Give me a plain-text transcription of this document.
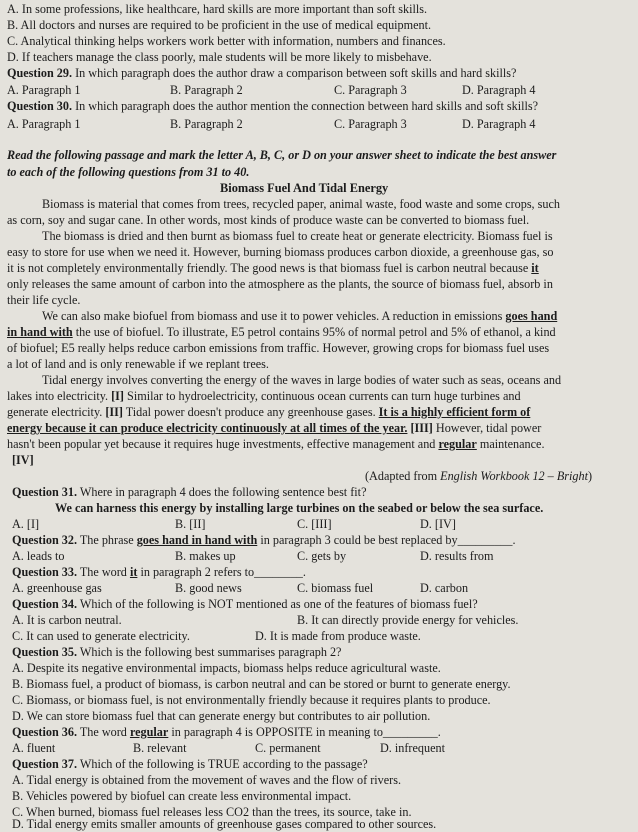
A. In some professions, like healthcare, hard skills are more important than soft skills.
B. All doctors and nurses are required to be proficient in the use of medical equipment.
C. Analytical thinking helps workers work better with information, numbers and finances.
D. If teachers manage the class poorly, male students will be more likely to misbehave.
Question 29. In which paragraph does the author draw a comparison between soft skills and hard skills?
A. Paragraph 1	B. Paragraph 2	C. Paragraph 3	D. Paragraph 4
Question 30. In which paragraph does the author mention the connection between hard skills and soft skills?
A. Paragraph 1	B. Paragraph 2	C. Paragraph 3	D. Paragraph 4
Read the following passage and mark the letter A, B, C, or D on your answer sheet to indicate the best answer
to each of the following questions from 31 to 40.
Biomass Fuel And Tidal Energy
Biomass is material that comes from trees, recycled paper, animal waste, food waste and some crops, such
as corn, soy and sugar cane. In other words, most kinds of produce waste can be converted to biomass fuel.
The biomass is dried and then burnt as biomass fuel to create heat or generate electricity. Biomass fuel is
easy to store for use when we need it. However, burning biomass produces carbon dioxide, a greenhouse gas, so
it is not completely environmentally friendly. The good news is that biomass fuel is carbon neutral because it
only releases the same amount of carbon into the atmosphere as the plants, the source of biomass fuel, absorb in
their life cycle.
We can also make biofuel from biomass and use it to power vehicles. A reduction in emissions goes hand
in hand with the use of biofuel. To illustrate, E5 petrol contains 95% of normal petrol and 5% of ethanol, a kind
of biofuel; E5 really helps reduce carbon emissions from traffic. However, growing crops for biomass fuel uses
a lot of land and is only renewable if we replant trees.
Tidal energy involves converting the energy of the waves in large bodies of water such as seas, oceans and
lakes into electricity. [I] Similar to hydroelectricity, continuous ocean currents can turn huge turbines and
generate electricity. [II] Tidal power doesn't produce any greenhouse gases. It is a highly efficient form of
energy because it can produce electricity continuously at all times of the year. [III] However, tidal power
hasn't been popular yet because it requires huge investments, effective management and regular maintenance.
[IV]
(Adapted from English Workbook 12 – Bright)
Question 31. Where in paragraph 4 does the following sentence best fit?
We can harness this energy by installing large turbines on the seabed or below the sea surface.
A. [I]	B. [II]	C. [III]	D. [IV]
Question 32. The phrase goes hand in hand with in paragraph 3 could be best replaced by_________.
A. leads to	B. makes up	C. gets by	D. results from
Question 33. The word it in paragraph 2 refers to________.
A. greenhouse gas	B. good news	C. biomass fuel	D. carbon
Question 34. Which of the following is NOT mentioned as one of the features of biomass fuel?
A. It is carbon neutral.	B. It can directly provide energy for vehicles.
C. It can used to generate electricity.	D. It is made from produce waste.
Question 35. Which is the following best summarises paragraph 2?
A. Despite its negative environmental impacts, biomass helps reduce agricultural waste.
B. Biomass fuel, a product of biomass, is carbon neutral and can be stored or burnt to generate energy.
C. Biomass, or biomass fuel, is not environmentally friendly because it requires plants to produce.
D. We can store biomass fuel that can generate energy but contributes to air pollution.
Question 36. The word regular in paragraph 4 is OPPOSITE in meaning to_________.
A. fluent	B. relevant	C. permanent	D. infrequent
Question 37. Which of the following is TRUE according to the passage?
A. Tidal energy is obtained from the movement of waves and the flow of rivers.
B. Vehicles powered by biofuel can create less environmental impact.
C. When burned, biomass fuel releases less CO2 than the trees, its source, take in.
D. Tidal energy emits smaller amounts of greenhouse gases compared to other sources.
